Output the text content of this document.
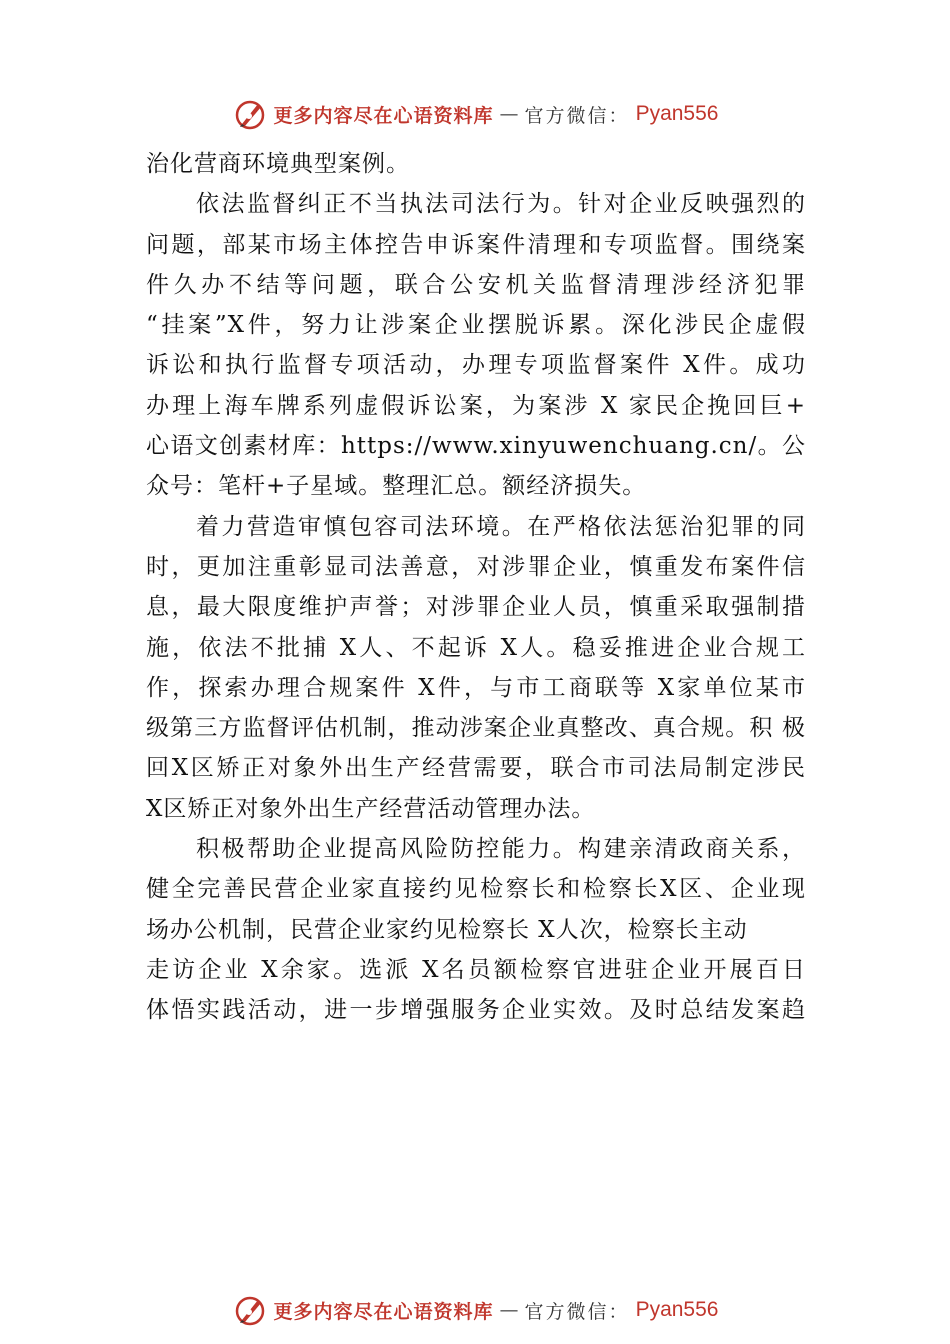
更多内容尽在心语资料库 — 官方微信： Pyan556
治化营商环境典型案例。
依法监督纠正不当执法司法行为。针对企业反映强烈的
问题，部某市场主体控告申诉案件清理和专项监督。围绕案
件久办不结等问题，联合公安机关监督清理涉经济犯罪
“挂案”X件，努力让涉案企业摆脱诉累。深化涉民企虚假
诉讼和执行监督专项活动，办理专项监督案件 X件。成功
办理上海车牌系列虚假诉讼案，为案涉 X 家民企挽回巨+
心语文创素材库：https://www.xinyuwenchuang.cn/。公
众号：笔杆+子星域。整理汇总。额经济损失。
着力营造审慎包容司法环境。在严格依法惩治犯罪的同
时，更加注重彰显司法善意，对涉罪企业，慎重发布案件信
息，最大限度维护声誉；对涉罪企业人员，慎重采取强制措
施，依法不批捕 X人、不起诉 X人。稳妥推进企业合规工
作，探索办理合规案件 X件，与市工商联等 X家单位某市
级第三方监督评估机制，推动涉案企业真整改、真合规。积 极
回X区矫正对象外出生产经营需要，联合市司法局制定涉民
X区矫正对象外出生产经营活动管理办法。
积极帮助企业提高风险防控能力。构建亲清政商关系，
健全完善民营企业家直接约见检察长和检察长X区、企业现
场办公机制，民营企业家约见检察长 X人次，检察长主动
走访企业 X余家。选派 X名员额检察官进驻企业开展百日
体悟实践活动，进一步增强服务企业实效。及时总结发案趋
更多内容尽在心语资料库 — 官方微信： Pyan556
